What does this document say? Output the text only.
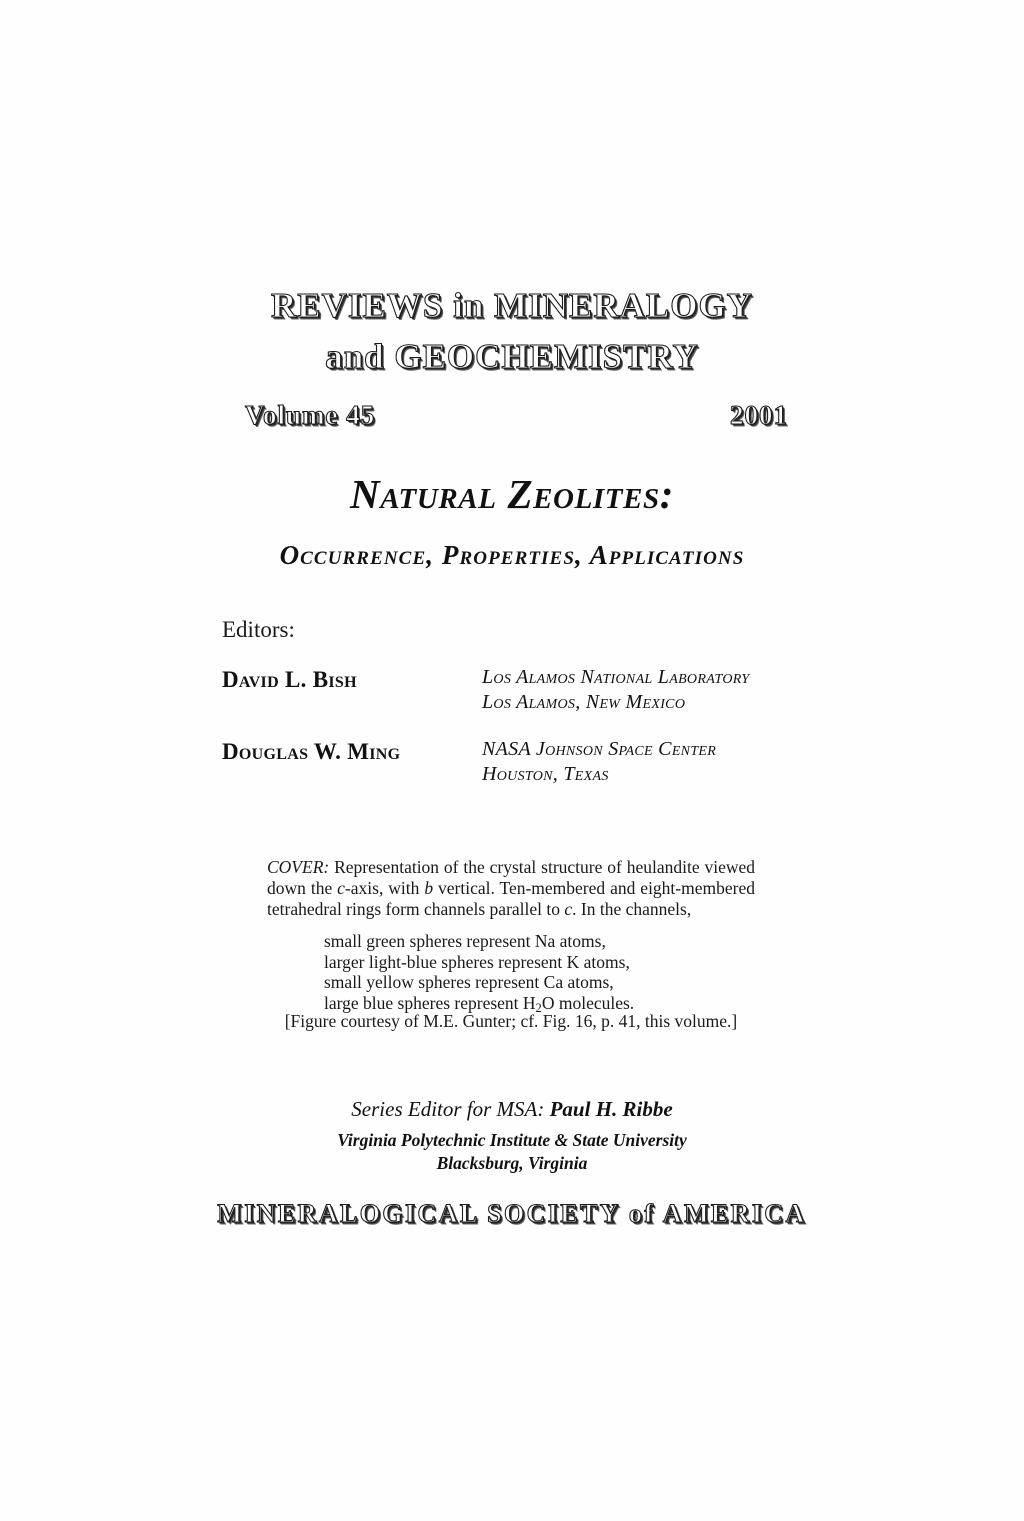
REVIEWS in MINERALOGY
and GEOCHEMISTRY
Volume 45	2001
Natural Zeolites:
Occurrence, Properties, Applications
Editors:
David L. Bish	Los Alamos National Laboratory
Los Alamos, New Mexico
Douglas W. Ming	NASA Johnson Space Center
Houston, Texas
COVER: Representation of the crystal structure of heulandite viewed down the c-axis, with b vertical. Ten-membered and eight-membered tetrahedral rings form channels parallel to c. In the channels,
small green spheres represent Na atoms,
larger light-blue spheres represent K atoms,
small yellow spheres represent Ca atoms,
large blue spheres represent $H_2O$ molecules.
[Figure courtesy of M.E. Gunter; cf. Fig. 16, p. 41, this volume.]
Series Editor for MSA: Paul H. Ribbe
Virginia Polytechnic Institute & State University
Blacksburg, Virginia
MINERALOGICAL SOCIETY of AMERICA
